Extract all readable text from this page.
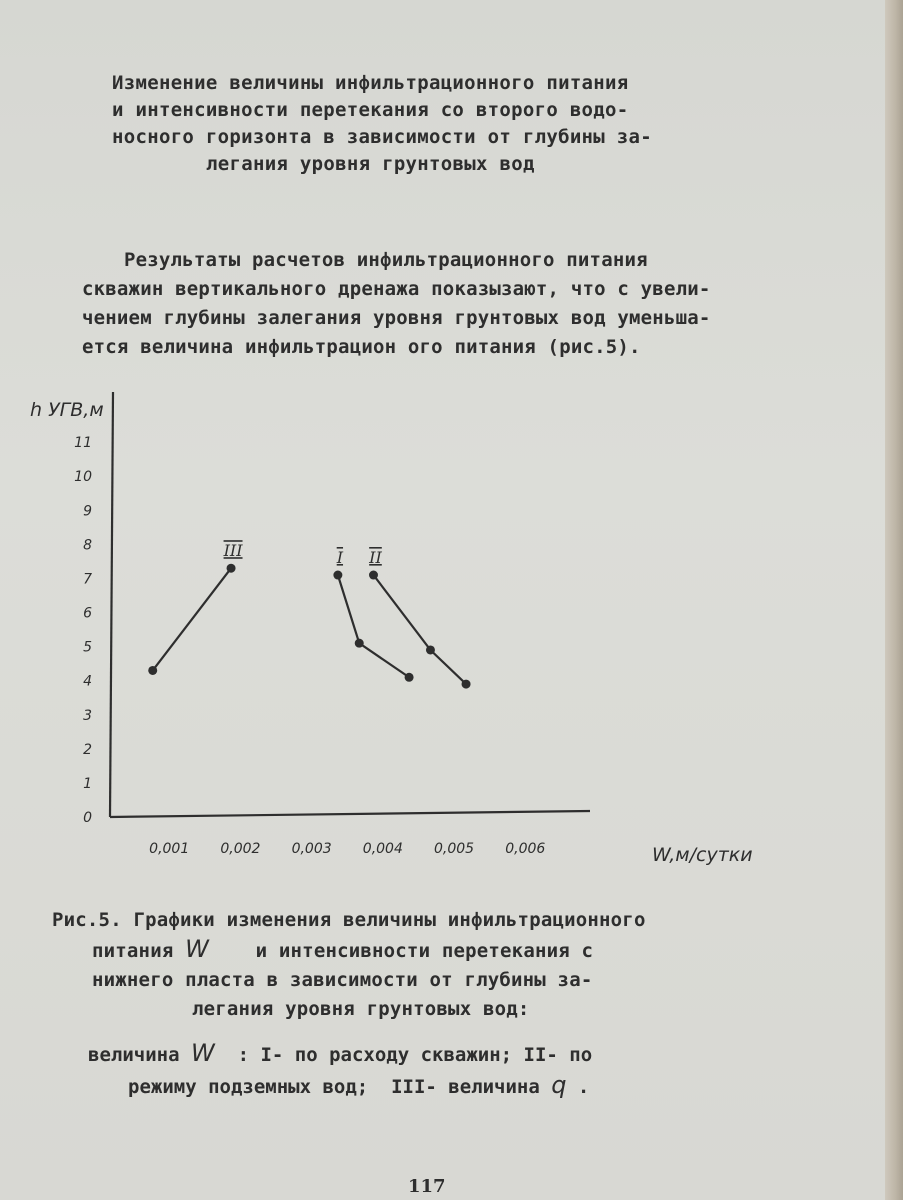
Изменение величины инфильтрационного питания
и интенсивности перетекания со второго водо-
носного горизонта в зависимости от глубины за-
легания уровня грунтовых вод
Результаты расчетов инфильтрационного питания
скважин вертикального дренажа показызают, что с увели-
чением глубины залегания уровня грунтовых вод уменьша-
ется величина инфильтрацион ого питания (рис.5).
0
1
2
3
4
5
6
7
8
9
10
11
0,001 0,002 0,003 0,004 0,005 0,006
h УГВ,м
W,м/сутки
I II
III
Рис.5. Графики изменения величины инфильтрационного
питания W    и интенсивности перетекания с
нижнего пласта в зависимости от глубины за-
легания уровня грунтовых вод:
величина W  : I- по расходу скважин; II- по
режиму подземных вод;  III- величина q .
117
